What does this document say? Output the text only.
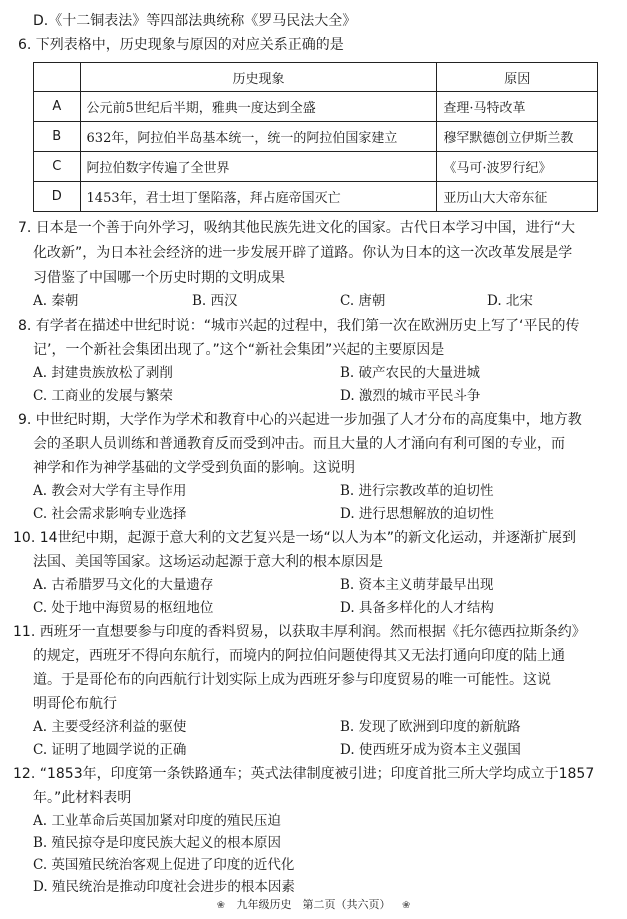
D.《十二铜表法》等四部法典统称《罗马民法大全》
6. 下列表格中，历史现象与原因的对应关系正确的是
	历史现象	原因
A	公元前5世纪后半期，雅典一度达到全盛	查理·马特改革
B	632年，阿拉伯半岛基本统一，统一的阿拉伯国家建立	穆罕默德创立伊斯兰教
C	阿拉伯数字传遍了全世界	《马可·波罗行纪》
D	1453年，君士坦丁堡陷落，拜占庭帝国灭亡	亚历山大大帝东征
7. 日本是一个善于向外学习，吸纳其他民族先进文化的国家。古代日本学习中国，进行“大
化改新”，为日本社会经济的进一步发展开辟了道路。你认为日本的这一次改革发展是学
习借鉴了中国哪一个历史时期的文明成果
A. 秦朝	B. 西汉	C. 唐朝	D. 北宋
8. 有学者在描述中世纪时说：“城市兴起的过程中，我们第一次在欧洲历史上写了‘平民的传
记’，一个新社会集团出现了。”这个“新社会集团”兴起的主要原因是
A. 封建贵族放松了剥削	B. 破产农民的大量进城
C. 工商业的发展与繁荣	D. 激烈的城市平民斗争
9. 中世纪时期，大学作为学术和教育中心的兴起进一步加强了人才分布的高度集中，地方教
会的圣职人员训练和普通教育反而受到冲击。而且大量的人才涌向有利可图的专业，而
神学和作为神学基础的文学受到负面的影响。这说明
A. 教会对大学有主导作用	B. 进行宗教改革的迫切性
C. 社会需求影响专业选择	D. 进行思想解放的迫切性
10. 14世纪中期，起源于意大利的文艺复兴是一场“以人为本”的新文化运动，并逐渐扩展到
法国、美国等国家。这场运动起源于意大利的根本原因是
A. 古希腊罗马文化的大量遗存	B. 资本主义萌芽最早出现
C. 处于地中海贸易的枢纽地位	D. 具备多样化的人才结构
11. 西班牙一直想要参与印度的香料贸易，以获取丰厚利润。然而根据《托尔德西拉斯条约》
的规定，西班牙不得向东航行，而境内的阿拉伯问题使得其又无法打通向印度的陆上通
道。于是哥伦布的向西航行计划实际上成为西班牙参与印度贸易的唯一可能性。这说
明哥伦布航行
A. 主要受经济利益的驱使	B. 发现了欧洲到印度的新航路
C. 证明了地圆学说的正确	D. 使西班牙成为资本主义强国
12. “1853年，印度第一条铁路通车；英式法律制度被引进；印度首批三所大学均成立于1857
年。”此材料表明
A. 工业革命后英国加紧对印度的殖民压迫
B. 殖民掠夺是印度民族大起义的根本原因
C. 英国殖民统治客观上促进了印度的近代化
D. 殖民统治是推动印度社会进步的根本因素
❀ 九年级历史　第二页（共六页） ❀
